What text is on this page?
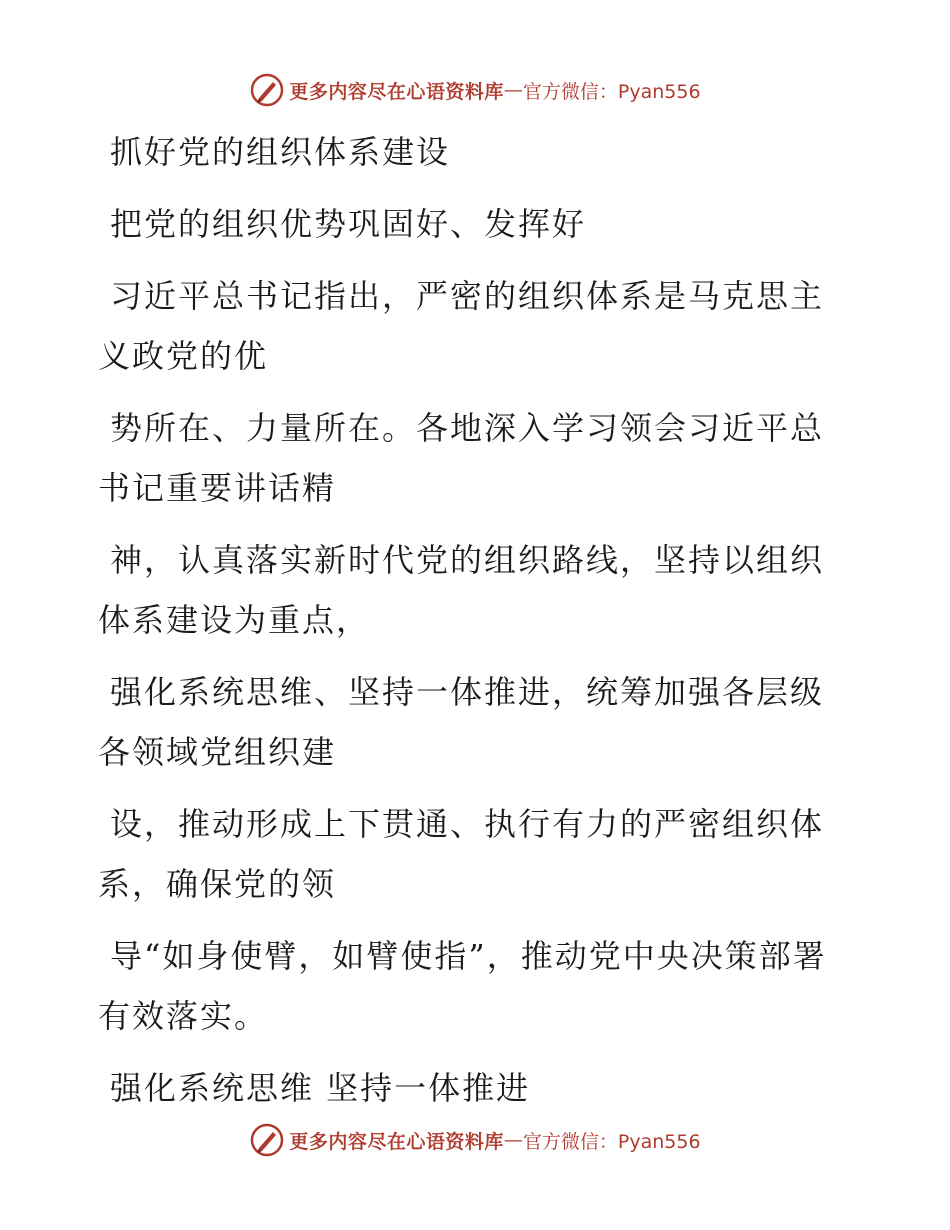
更多内容尽在心语资料库 — 官方微信：Pyan556

抓好党的组织体系建设

把党的组织优势巩固好、发挥好

习近平总书记指出，严密的组织体系是马克思主义政党的优

势所在、力量所在。各地深入学习领会习近平总书记重要讲话精

神，认真落实新时代党的组织路线，坚持以组织体系建设为重点，

强化系统思维、坚持一体推进，统筹加强各层级各领域党组织建

设，推动形成上下贯通、执行有力的严密组织体系，确保党的领

导“如身使臂，如臂使指”，推动党中央决策部署有效落实。

强化系统思维 坚持一体推进

更多内容尽在心语资料库 — 官方微信：Pyan556
